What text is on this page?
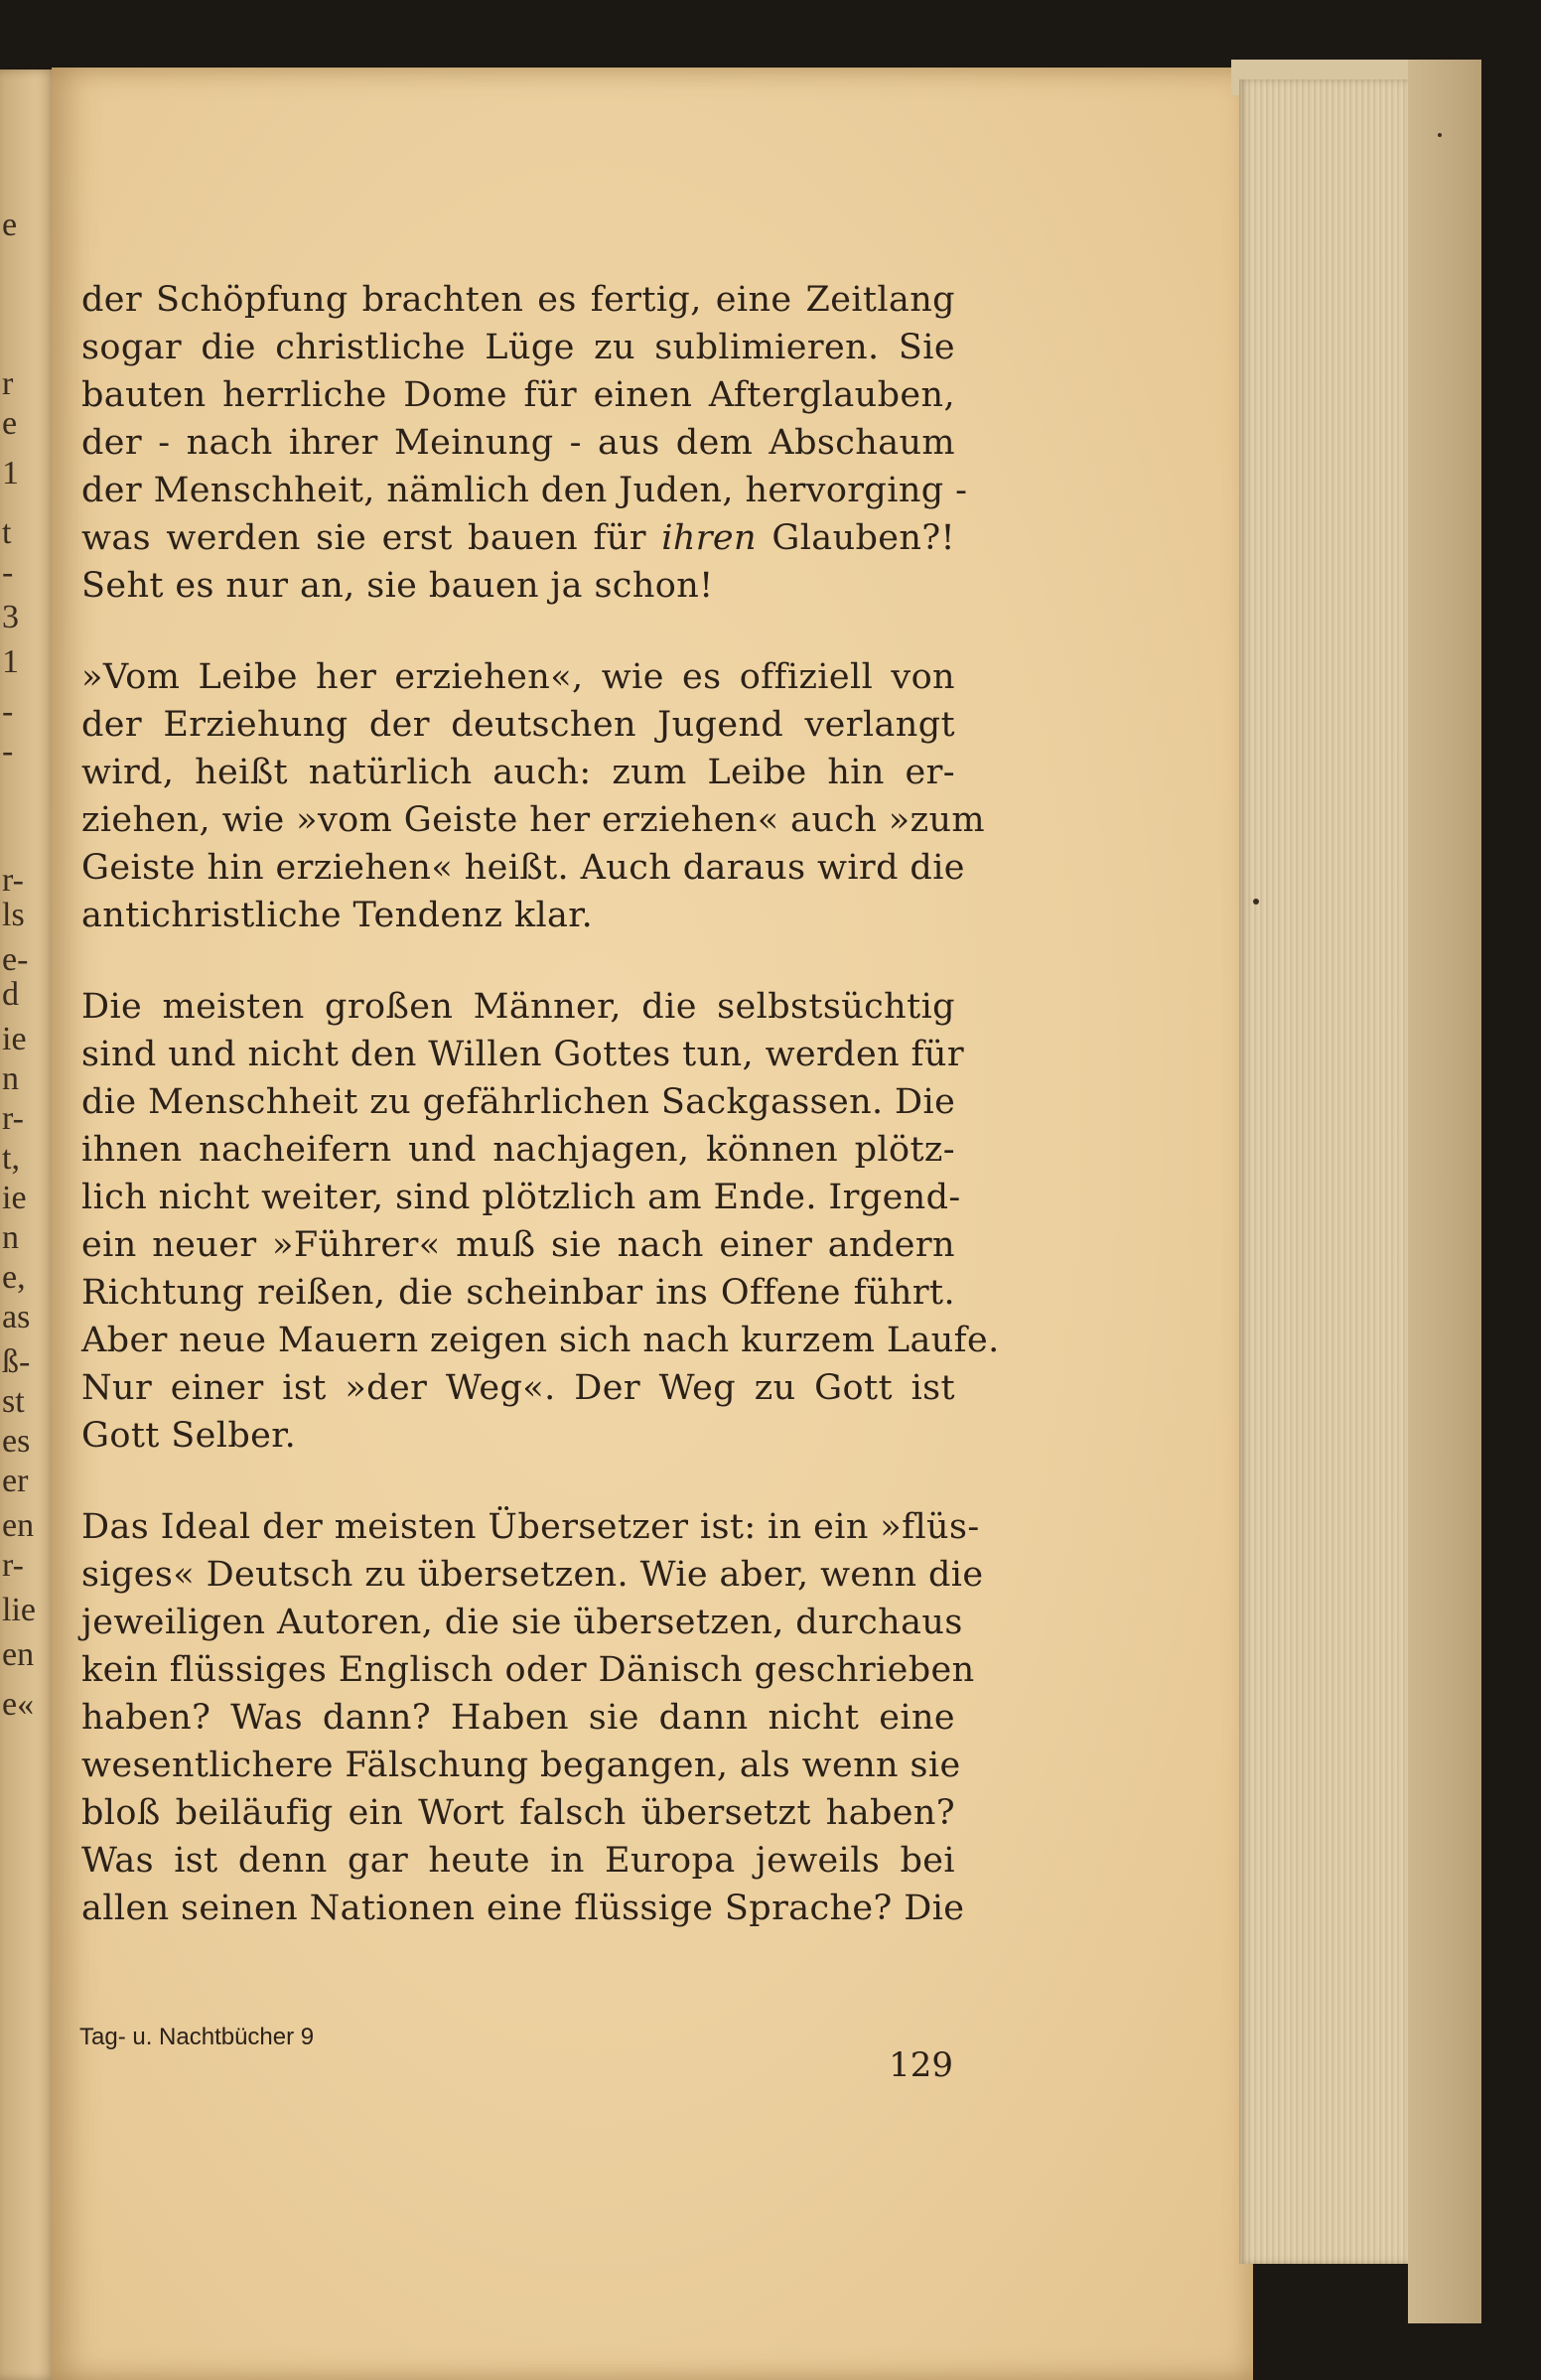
e
r
e
1
t
-
3
1
-
-
r-
ls
e-
d
ie
n
r-
t,
ie
n
e,
as
ß-
st
es
er
en
r-
lie
en
e«
der Schöpfung brachten es fertig, eine Zeitlang
sogar die christliche Lüge zu sublimieren. Sie
bauten herrliche Dome für einen Afterglauben,
der - nach ihrer Meinung - aus dem Abschaum
der Menschheit, nämlich den Juden, hervorging -
was werden sie erst bauen für ihren Glauben?!
Seht es nur an, sie bauen ja schon!
»Vom Leibe her erziehen«, wie es offiziell von
der Erziehung der deutschen Jugend verlangt
wird, heißt natürlich auch: zum Leibe hin er-
ziehen, wie »vom Geiste her erziehen« auch »zum
Geiste hin erziehen« heißt. Auch daraus wird die
antichristliche Tendenz klar.
Die meisten großen Männer, die selbstsüchtig
sind und nicht den Willen Gottes tun, werden für
die Menschheit zu gefährlichen Sackgassen. Die
ihnen nacheifern und nachjagen, können plötz-
lich nicht weiter, sind plötzlich am Ende. Irgend-
ein neuer »Führer« muß sie nach einer andern
Richtung reißen, die scheinbar ins Offene führt.
Aber neue Mauern zeigen sich nach kurzem Laufe.
Nur einer ist »der Weg«. Der Weg zu Gott ist
Gott Selber.
Das Ideal der meisten Übersetzer ist: in ein »flüs-
siges« Deutsch zu übersetzen. Wie aber, wenn die
jeweiligen Autoren, die sie übersetzen, durchaus
kein flüssiges Englisch oder Dänisch geschrieben
haben? Was dann? Haben sie dann nicht eine
wesentlichere Fälschung begangen, als wenn sie
bloß beiläufig ein Wort falsch übersetzt haben?
Was ist denn gar heute in Europa jeweils bei
allen seinen Nationen eine flüssige Sprache? Die
Tag- u. Nachtbücher 9
129
